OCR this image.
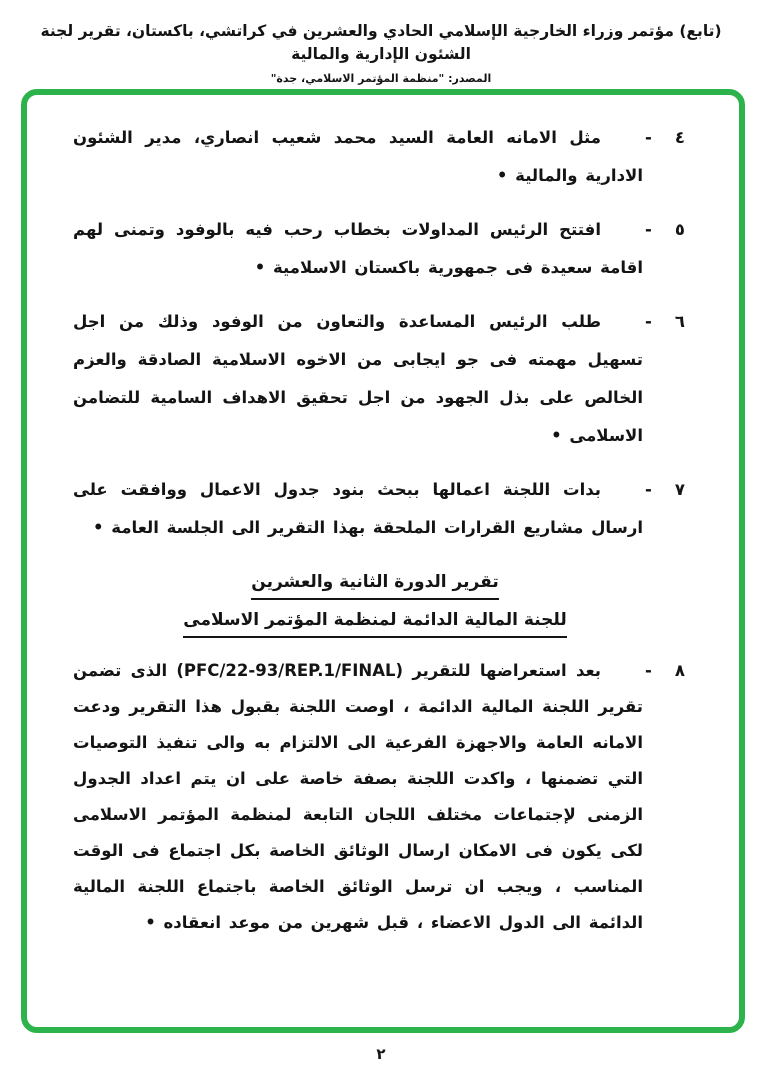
(تابع) مؤتمر وزراء الخارجية الإسلامي الحادي والعشرين في كراتشي، باكستان، تقرير لجنة الشئون الإدارية والمالية
المصدر: "منظمة المؤتمر الاسلامي، جدة"
٤
-

مثل الامانه العامة السيد محمد شعيب انصاري، مدير الشئون الادارية والمالية •

٥
-

افتتح الرئيس المداولات بخطاب رحب فيه بالوفود وتمنى لهم اقامة سعيدة فى جمهورية باكستان الاسلامية •

٦
-

طلب الرئيس المساعدة والتعاون من الوفود وذلك من اجل تسهيل مهمته فى جو ايجابى من الاخوه الاسلامية الصادقة والعزم الخالص على بذل الجهود من اجل تحقيق الاهداف السامية للتضامن الاسلامى •

٧
-

بدات اللجنة اعمالها ببحث بنود جدول الاعمال ووافقت على ارسال مشاريع القرارات الملحقة بهذا التقرير الى الجلسة العامة •

تقرير الدورة الثانية والعشرين
للجنة المالية الدائمة لمنظمة المؤتمر الاسلامى
٨
-

بعد استعراضها للتقرير (PFC/22-93/REP.1/FINAL) الذى تضمن تقرير اللجنة المالية الدائمة ، اوصت اللجنة بقبول هذا التقرير ودعت الامانه العامة والاجهزة الفرعية الى الالتزام به والى تنفيذ التوصيات التي تضمنها ، واكدت اللجنة بصفة خاصة على ان يتم اعداد الجدول الزمنى لإجتماعات مختلف اللجان التابعة لمنظمة المؤتمر الاسلامى لكى يكون فى الامكان ارسال الوثائق الخاصة بكل اجتماع فى الوقت المناسب ، ويجب ان ترسل الوثائق الخاصة باجتماع اللجنة المالية الدائمة الى الدول الاعضاء ، قبل شهرين من موعد انعقاده •

٢
